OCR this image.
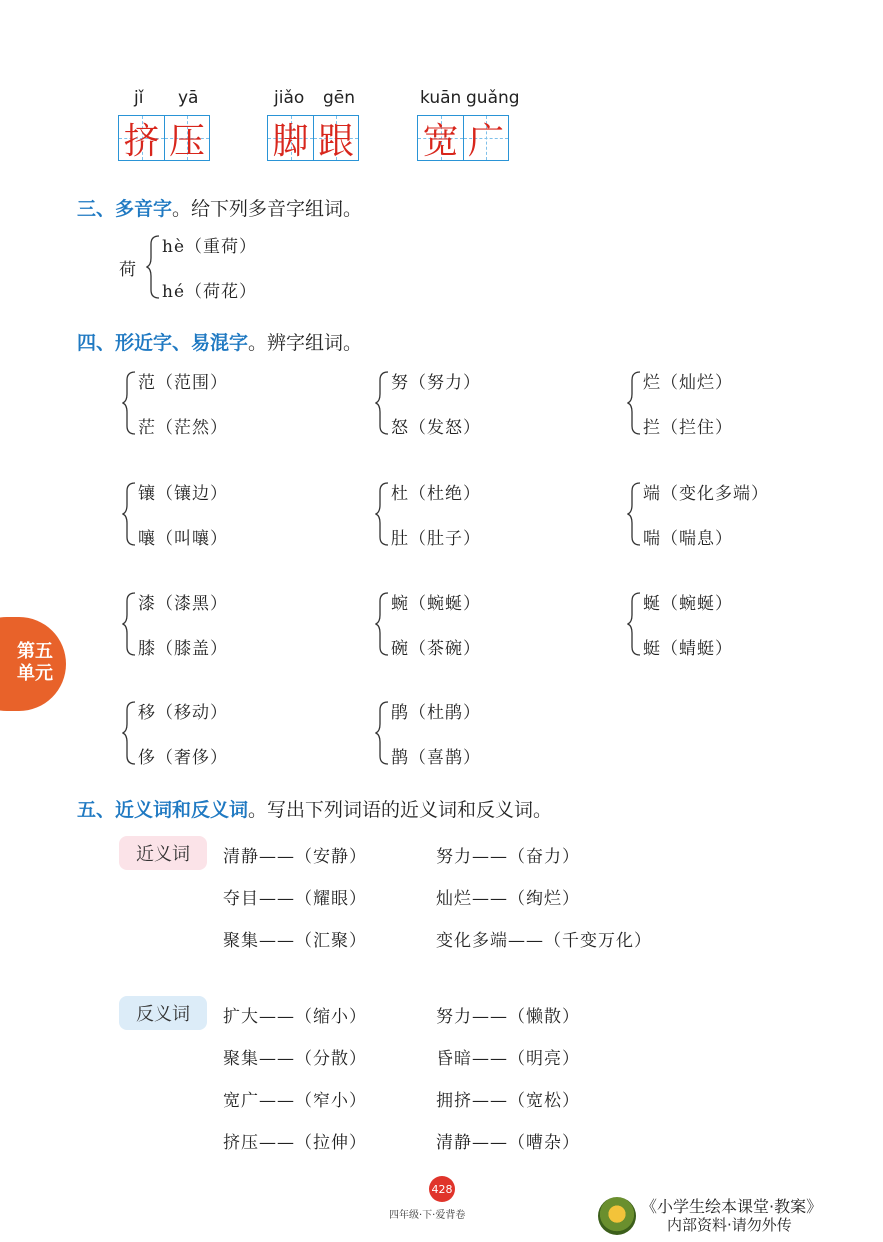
jǐ yā
挤 压
jiǎo gēn
脚 跟
kuān guǎng
宽 广
三、多音字。给下列多音字组词。
荷
hè（重荷）
hé（荷花）
四、形近字、易混字。辨字组词。
范（范围）
茫（茫然）
努（努力）
怒（发怒）
烂（灿烂）
拦（拦住）
镶（镶边）
嚷（叫嚷）
杜（杜绝）
肚（肚子）
端（变化多端）
喘（喘息）
漆（漆黑）
膝（膝盖）
蜿（蜿蜒）
碗（茶碗）
蜒（蜿蜒）
蜓（蜻蜓）
移（移动）
侈（奢侈）
鹃（杜鹃）
鹊（喜鹊）
第五单元
五、近义词和反义词。写出下列词语的近义词和反义词。
近义词	清静——（安静）	努力——（奋力）
夺目——（耀眼）	灿烂——（绚烂）
聚集——（汇聚）	变化多端——（千变万化）
反义词	扩大——（缩小）	努力——（懒散）
聚集——（分散）	昏暗——（明亮）
宽广——（窄小）	拥挤——（宽松）
挤压——（拉伸）	清静——（嘈杂）
428
四年级·下·爱背卷	《小学生绘本课堂·教案》
内部资料·请勿外传
